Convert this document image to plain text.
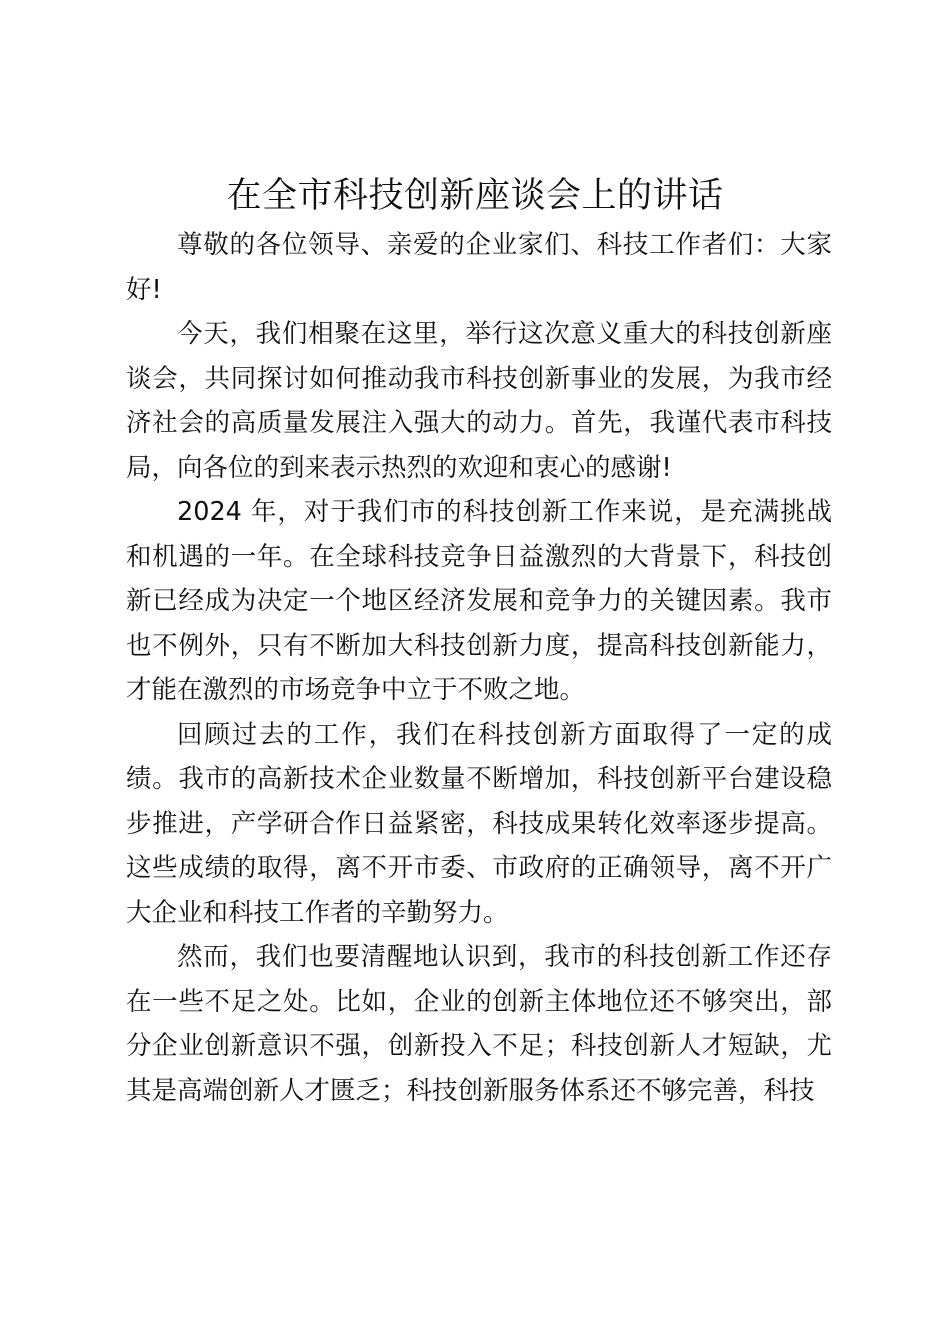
在全市科技创新座谈会上的讲话

尊敬的各位领导、亲爱的企业家们、科技工作者们：大家好!

今天，我们相聚在这里，举行这次意义重大的科技创新座谈会，共同探讨如何推动我市科技创新事业的发展，为我市经济社会的高质量发展注入强大的动力。首先，我谨代表市科技局，向各位的到来表示热烈的欢迎和衷心的感谢!

2024 年，对于我们市的科技创新工作来说，是充满挑战和机遇的一年。在全球科技竞争日益激烈的大背景下，科技创新已经成为决定一个地区经济发展和竞争力的关键因素。我市也不例外，只有不断加大科技创新力度，提高科技创新能力，才能在激烈的市场竞争中立于不败之地。

回顾过去的工作，我们在科技创新方面取得了一定的成绩。我市的高新技术企业数量不断增加，科技创新平台建设稳步推进，产学研合作日益紧密，科技成果转化效率逐步提高。这些成绩的取得，离不开市委、市政府的正确领导，离不开广大企业和科技工作者的辛勤努力。

然而，我们也要清醒地认识到，我市的科技创新工作还存在一些不足之处。比如，企业的创新主体地位还不够突出，部分企业创新意识不强，创新投入不足；科技创新人才短缺，尤其是高端创新人才匮乏；科技创新服务体系还不够完善，科技
